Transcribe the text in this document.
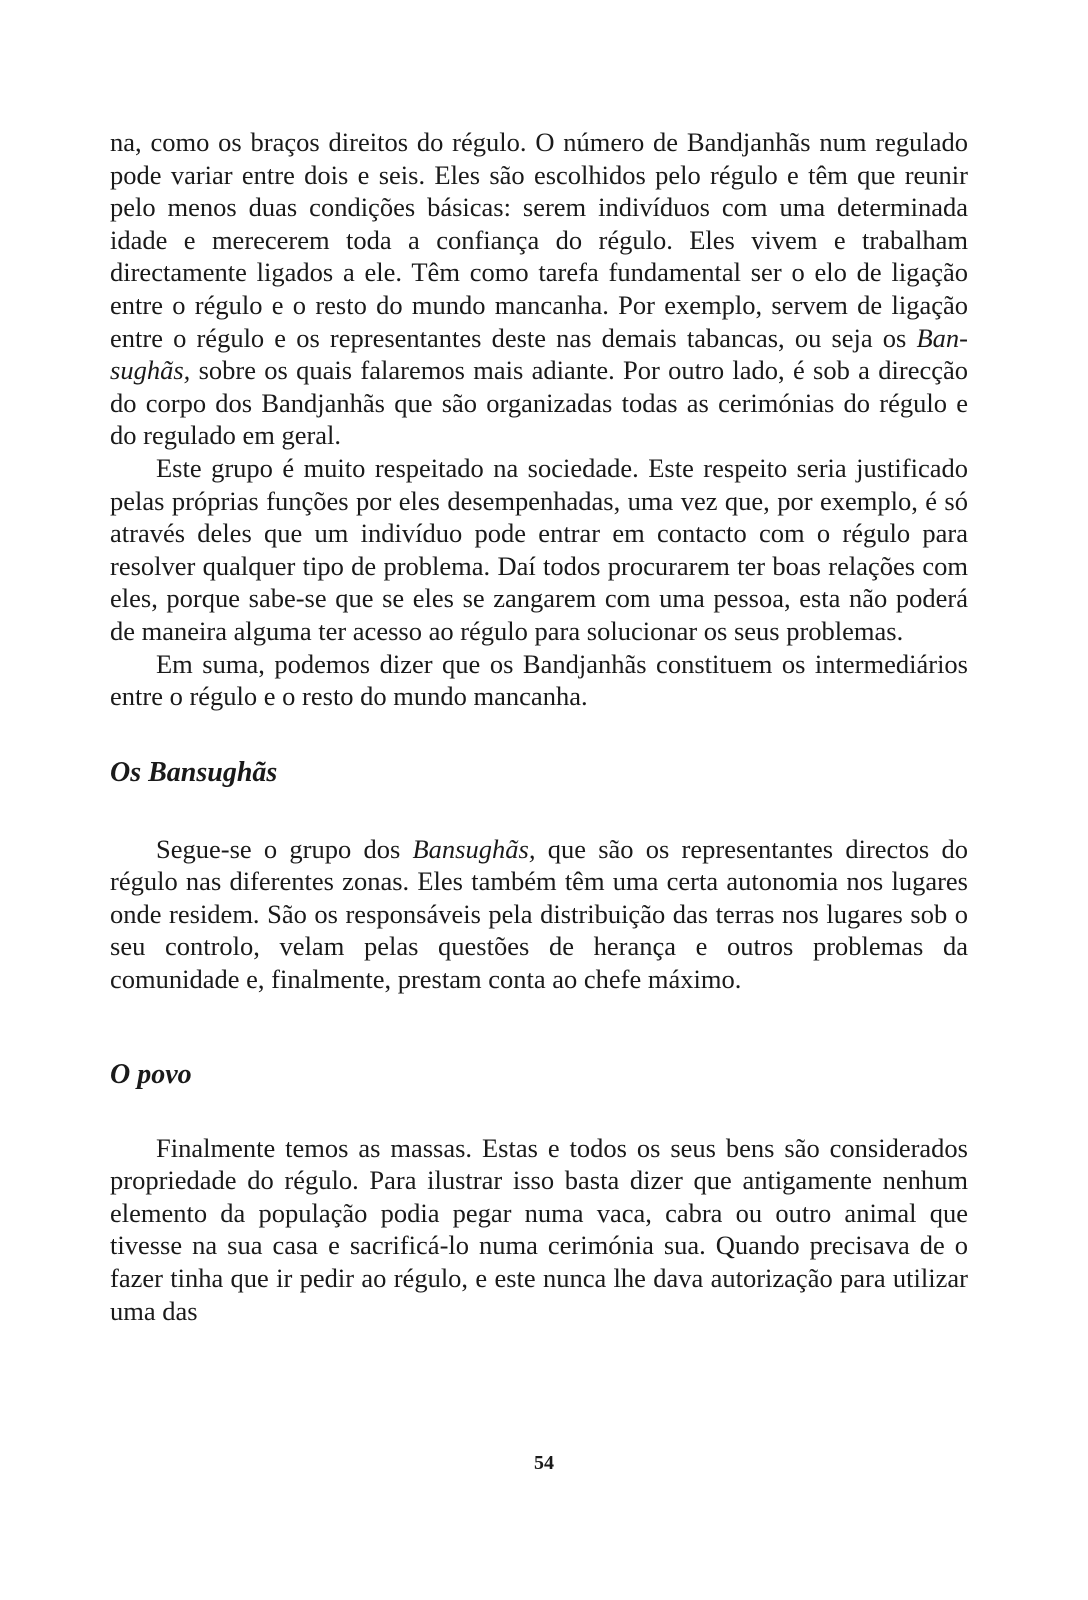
na, como os braços direitos do régulo. O número de Bandjanhãs num regulado pode variar entre dois e seis. Eles são escolhidos pelo régulo e têm que reunir pelo menos duas condições básicas: serem indivíduos com uma determinada idade e merecerem toda a confiança do régulo. Eles vivem e trabalham directamente ligados a ele. Têm como tarefa fundamental ser o elo de ligação entre o régulo e o resto do mundo mancanha. Por exemplo, servem de ligação entre o régulo e os representantes deste nas demais tabancas, ou seja os Bansughãs, sobre os quais falaremos mais adiante. Por outro lado, é sob a direcção do corpo dos Bandjanhãs que são organizadas todas as cerimónias do régulo e do regulado em geral.

Este grupo é muito respeitado na sociedade. Este respeito seria justificado pelas próprias funções por eles desempenhadas, uma vez que, por exemplo, é só através deles que um indivíduo pode entrar em contacto com o régulo para resolver qualquer tipo de problema. Daí todos procurarem ter boas relações com eles, porque sabe-se que se eles se zangarem com uma pessoa, esta não poderá de maneira alguma ter acesso ao régulo para solucionar os seus problemas.

Em suma, podemos dizer que os Bandjanhãs constituem os intermediários entre o régulo e o resto do mundo mancanha.

Os Bansughãs

Segue-se o grupo dos Bansughãs, que são os representantes directos do régulo nas diferentes zonas. Eles também têm uma certa autonomia nos lugares onde residem. São os responsáveis pela distribuição das terras nos lugares sob o seu controlo, velam pelas questões de herança e outros problemas da comunidade e, finalmente, prestam conta ao chefe máximo.

O povo

Finalmente temos as massas. Estas e todos os seus bens são considerados propriedade do régulo. Para ilustrar isso basta dizer que antigamente nenhum elemento da população podia pegar numa vaca, cabra ou outro animal que tivesse na sua casa e sacrificá-lo numa cerimónia sua. Quando precisava de o fazer tinha que ir pedir ao régulo, e este nunca lhe dava autorização para utilizar uma das

54
